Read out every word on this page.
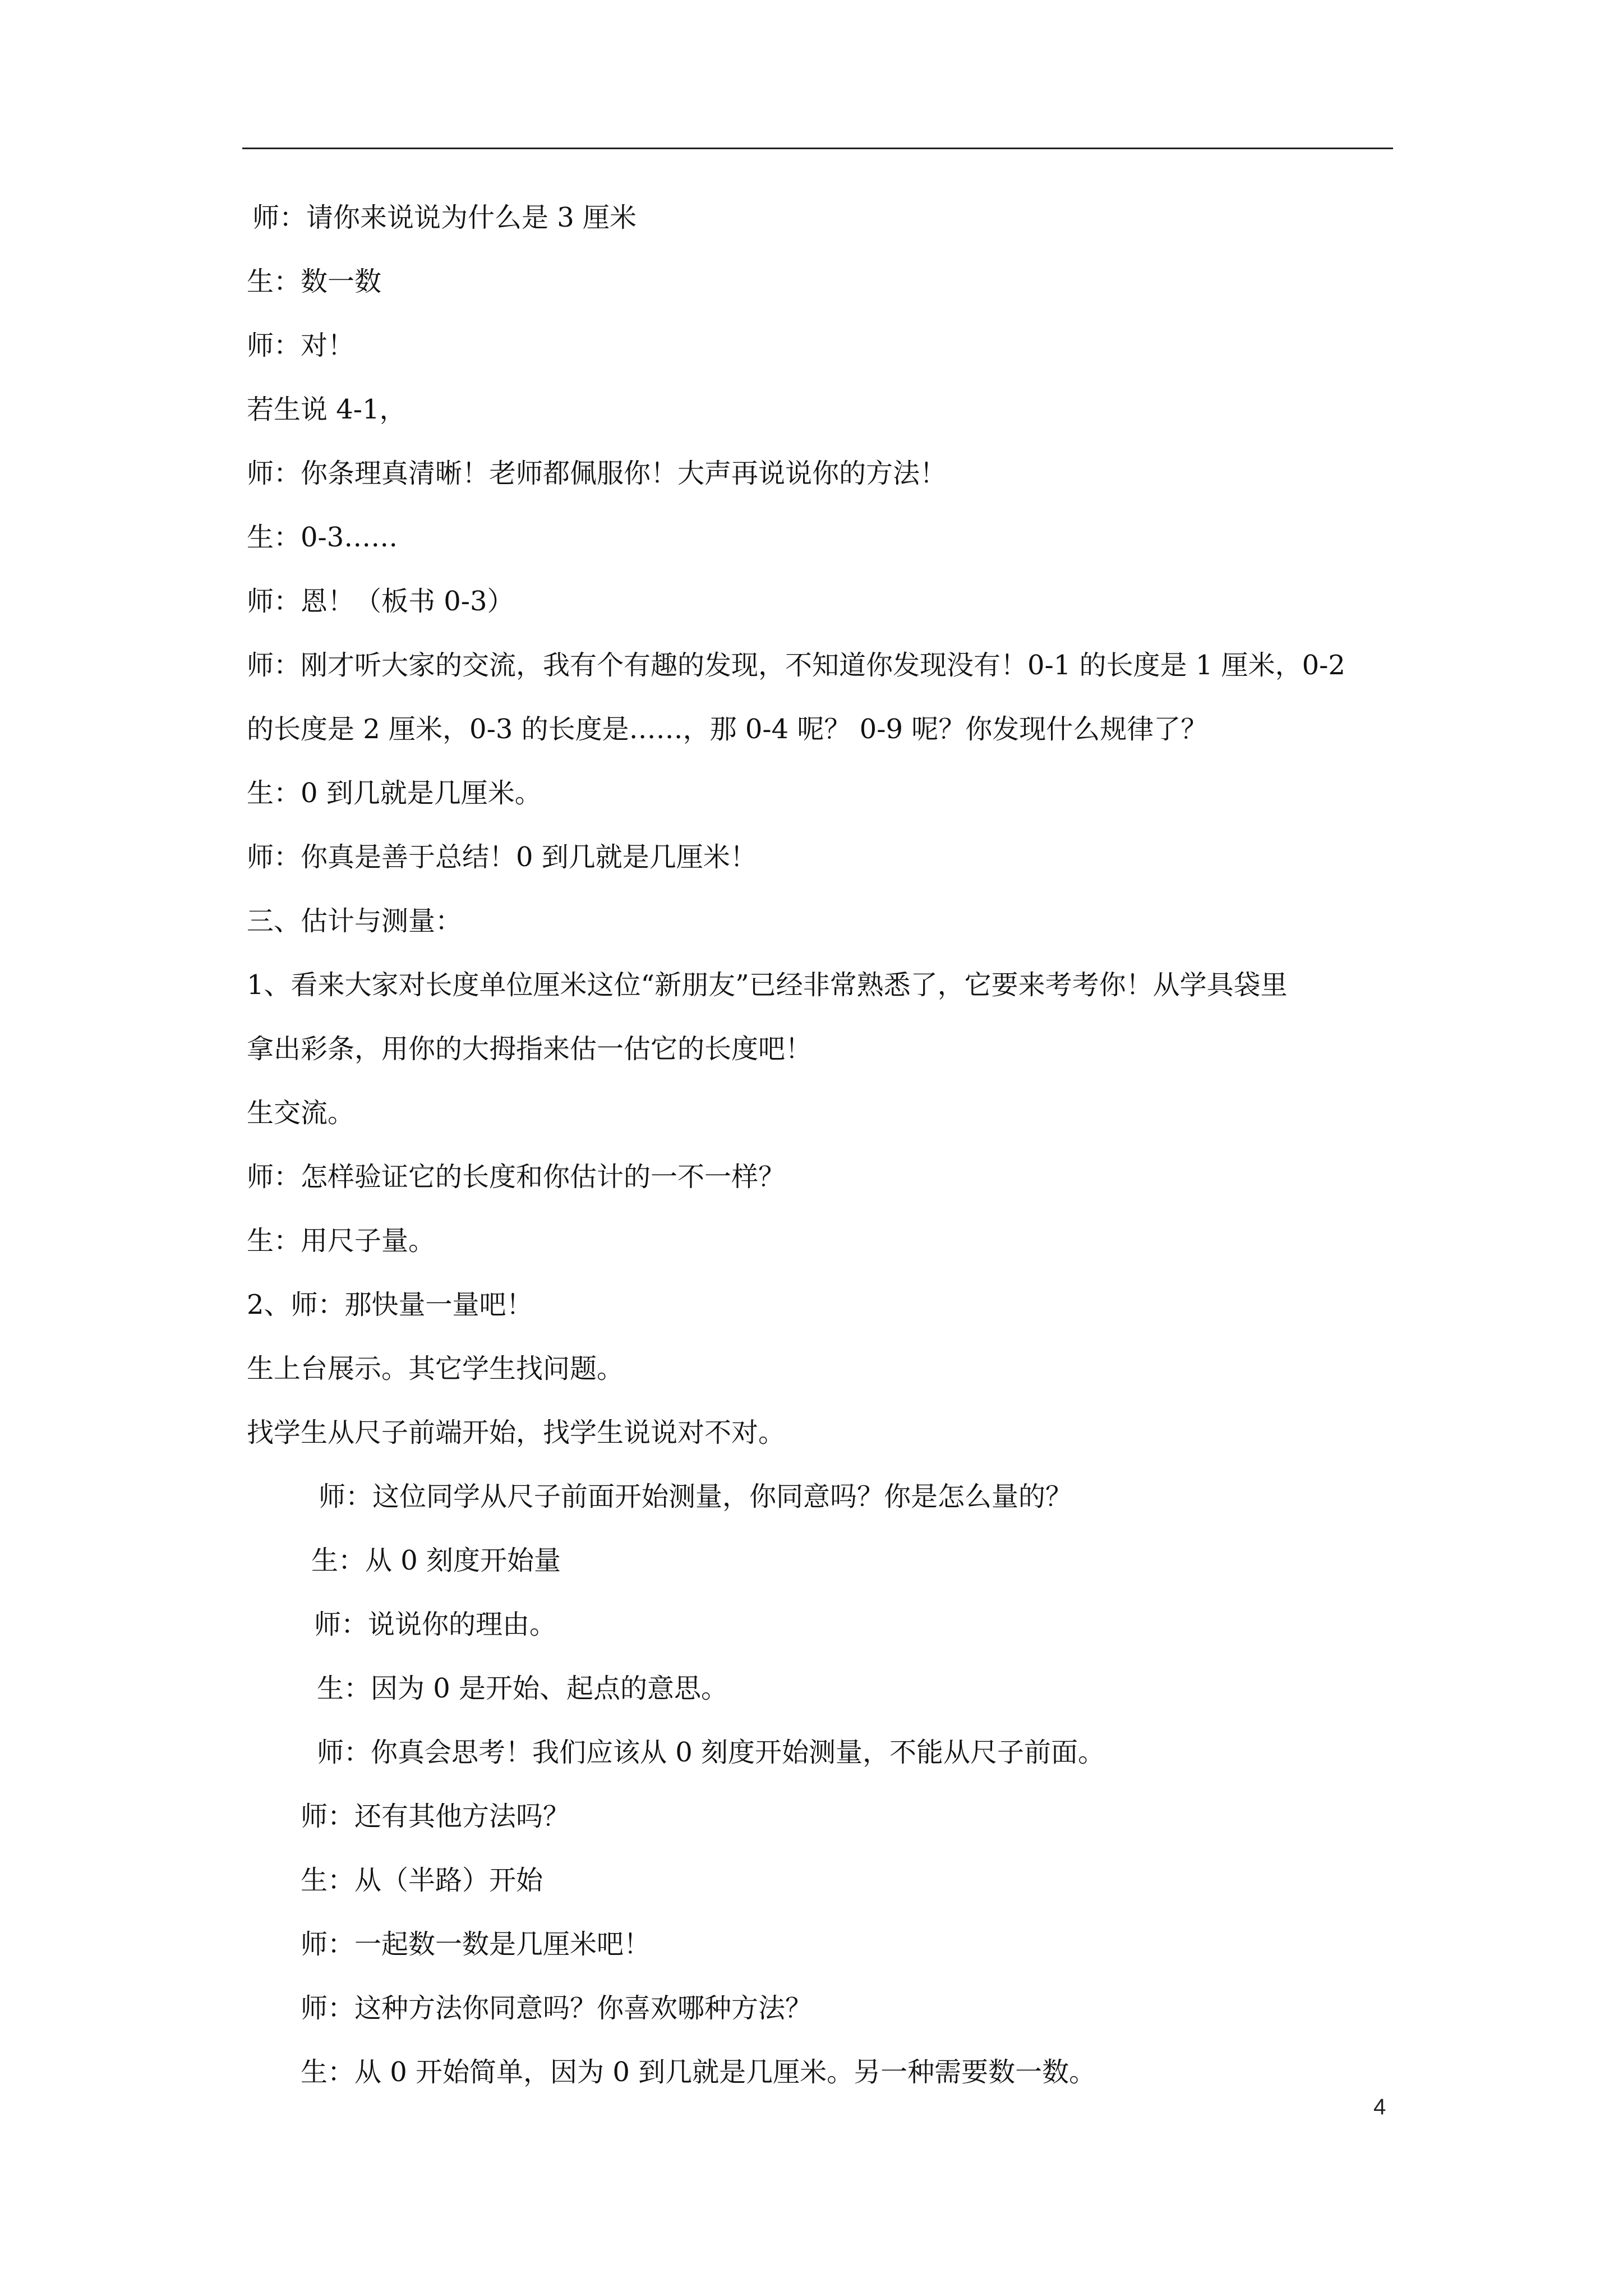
师：请你来说说为什么是 3 厘米
生：数一数
师：对！
若生说 4-1，
师：你条理真清晰！老师都佩服你！大声再说说你的方法！
生：0-3……
师：恩！（板书 0-3）
师：刚才听大家的交流，我有个有趣的发现，不知道你发现没有！0-1 的长度是 1 厘米，0-2
的长度是 2 厘米，0-3 的长度是……，那 0-4 呢？ 0-9 呢？你发现什么规律了？
生：0 到几就是几厘米。
师：你真是善于总结！0 到几就是几厘米！
三、估计与测量：
1、看来大家对长度单位厘米这位“新朋友”已经非常熟悉了，它要来考考你！从学具袋里
拿出彩条，用你的大拇指来估一估它的长度吧！
生交流。
师：怎样验证它的长度和你估计的一不一样？
生：用尺子量。
2、师：那快量一量吧！
生上台展示。其它学生找问题。
找学生从尺子前端开始，找学生说说对不对。
师：这位同学从尺子前面开始测量，你同意吗？你是怎么量的？
生：从 0 刻度开始量
师：说说你的理由。
生：因为 0 是开始、起点的意思。
师：你真会思考！我们应该从 0 刻度开始测量，不能从尺子前面。
师：还有其他方法吗？
生：从（半路）开始
师：一起数一数是几厘米吧！
师：这种方法你同意吗？你喜欢哪种方法？
生：从 0 开始简单，因为 0 到几就是几厘米。另一种需要数一数。
4
